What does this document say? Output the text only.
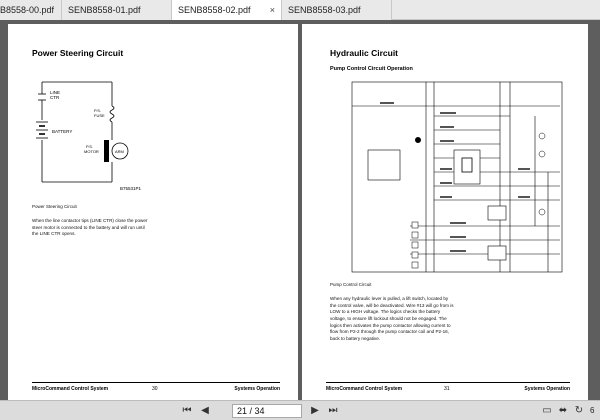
B8558-00.pdf	SENB8558-01.pdf	SENB8558-02.pdf ×	SENB8558-03.pdf
Power Steering Circuit
LINE
CTR
BATTERY
P.S.
FUSE
ARM
P.S.
MOTOR
B75531P1
Power Steering Circuit
When the line contactor tips (LINE CTR) close the power steer motor is connected to the battery and will run until the LINE CTR opens.
MicroCommand Control System	30	Systems Operation
Hydraulic Circuit
Pump Control Circuit Operation
Pump Control Circuit
When any hydraulic lever is pulled, a lift switch, located by the control valve, will be deactivated. Wire #13 will go from is LOW to a HIGH voltage. The logics checks the battery voltage, to ensure lift lockout should not be engaged. The logics then activates the pump contactor allowing current to flow from P2-2 through the pump contactor coil and P2-16, back to battery negative.
MicroCommand Control System	31	Systems Operation
⏮ ◀	21 / 34	▶ ⏭	▭ ⬌ ↻ 6
